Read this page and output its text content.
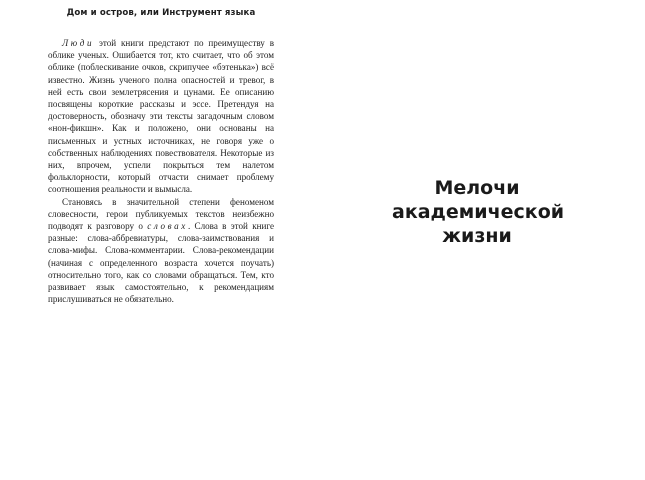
Дом и остров, или Инструмент языка

Люди этой книги предстают по преимуществу в облике ученых. Ошибается тот, кто считает, что об этом облике (поблескивание очков, скрипучее «бэтенька») всё известно. Жизнь ученого полна опасностей и тревог, в ней есть свои землетрясения и цунами. Ее описанию посвящены короткие рассказы и эссе. Претендуя на достоверность, обозначу эти тексты загадочным словом «нон-фикшн». Как и положено, они основаны на письменных и устных источниках, не говоря уже о собственных наблюдениях повествователя. Некоторые из них, впрочем, успели покрыться тем налетом фольклорности, который отчасти снимает проблему соотношения реальности и вымысла.

Становясь в значительной степени феноменом словесности, герои публикуемых текстов неизбежно подводят к разговору о словах. Слова в этой книге разные: слова-аббревиатуры, слова-заимствования и слова-мифы. Слова-комментарии. Слова-рекомендации (начиная с определенного возраста хочется поучать) относительно того, как со словами обращаться. Тем, кто развивает язык самостоятельно, к рекомендациям прислушиваться не обязательно.

Мелочи
академической
жизни
